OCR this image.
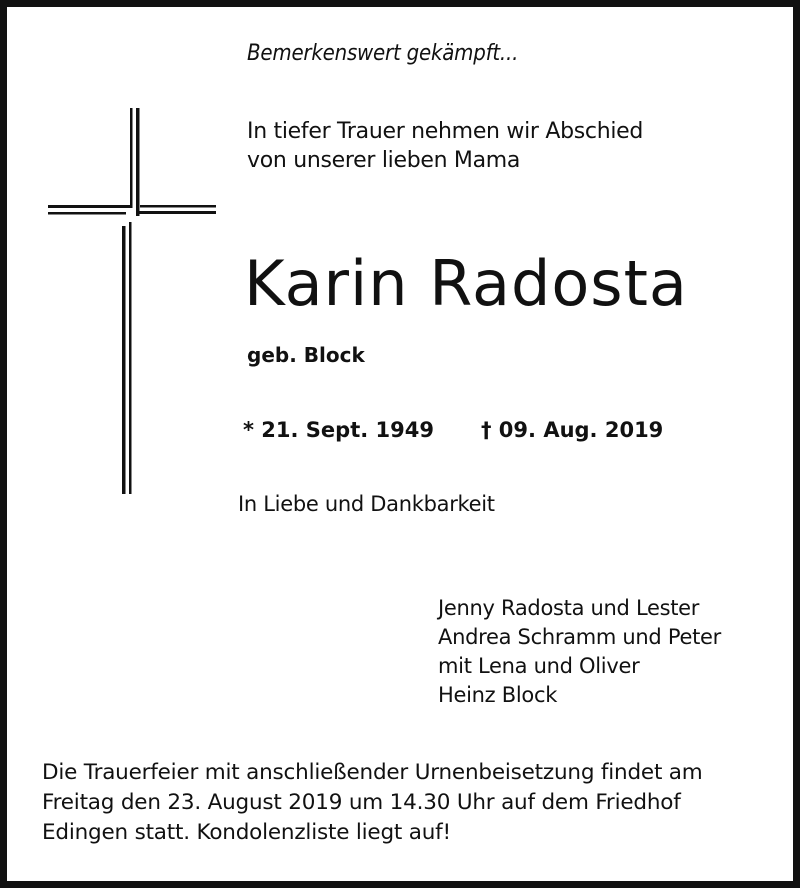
Bemerkenswert gekämpft...

In tiefer Trauer nehmen wir Abschied
von unserer lieben Mama

Karin Radosta

geb. Block

* 21. Sept. 1949 † 09. Aug. 2019

In Liebe und Dankbarkeit

Jenny Radosta und Lester
Andrea Schramm und Peter
mit Lena und Oliver
Heinz Block

Die Trauerfeier mit anschließender Urnenbeisetzung findet am
Freitag den 23. August 2019 um 14.30 Uhr auf dem Friedhof
Edingen statt. Kondolenzliste liegt auf!
